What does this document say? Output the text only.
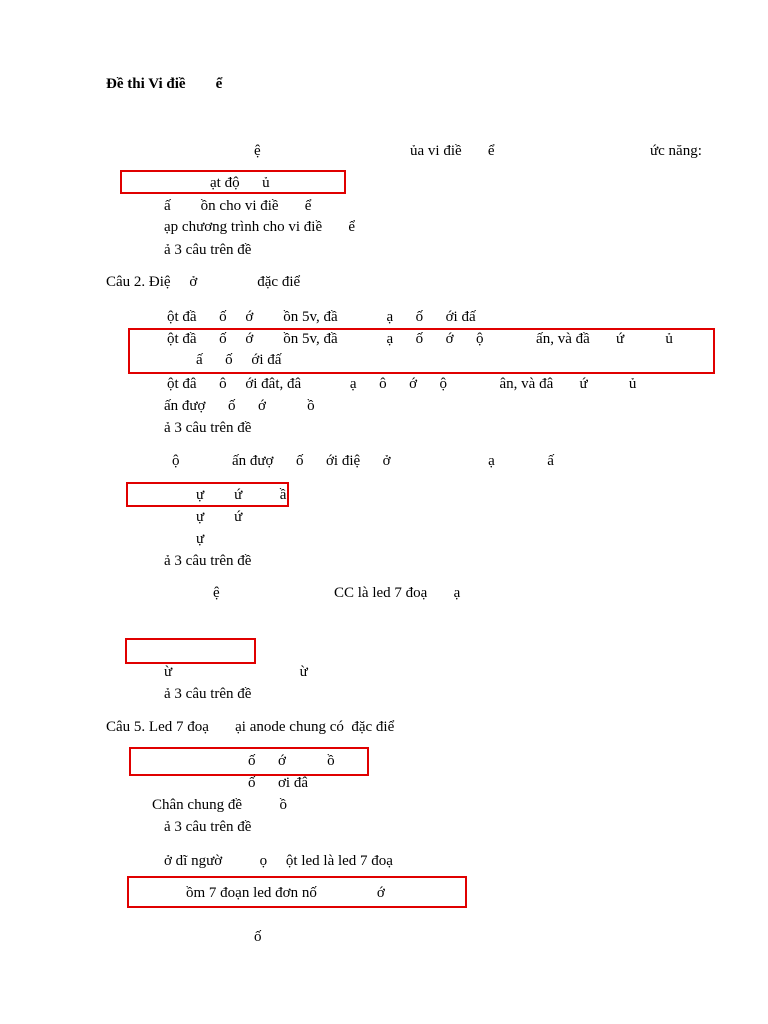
Đề thi Vi điề        ể
ệ	ủa vi điề       ể	ức năng:
ạt độ      ủ
ấ        ồn cho vi điề       ể
ạp chương trình cho vi điề       ể
ả 3 câu trên đề
Câu 2. Điệ     ở                đặc điể
ột đầ      ố     ớ        ồn 5v, đầ             ạ      ố      ới đấ
ột đầ      ố     ớ        ồn 5v, đầ             ạ      ố      ớ      ộ              ấn, và đầ       ứ           ủ
ấ      ố     ới đấ
ột đâ      ô     ới đât, đâ             ạ      ô      ớ      ộ              ân, và đâ       ứ           ủ
ấn đượ      ố      ớ           ồ
ả 3 câu trên đề
ộ              ấn đượ      ố      ới điệ      ở                          ạ              ấ
ự        ứ          ầ
ự        ứ
ự
ả 3 câu trên đề
ệ	CC là led 7 đoạ       ạ
ừ                                  ừ
ả 3 câu trên đề
Câu 5. Led 7 đoạ       ại anode chung có  đặc điể
ố      ớ           ồ
ố      ơi đâ
Chân chung đề          ồ
ả 3 câu trên đề
ở dĩ ngườ          ọ     ột led là led 7 đoạ
ồm 7 đoạn led đơn nố                ớ
ố
